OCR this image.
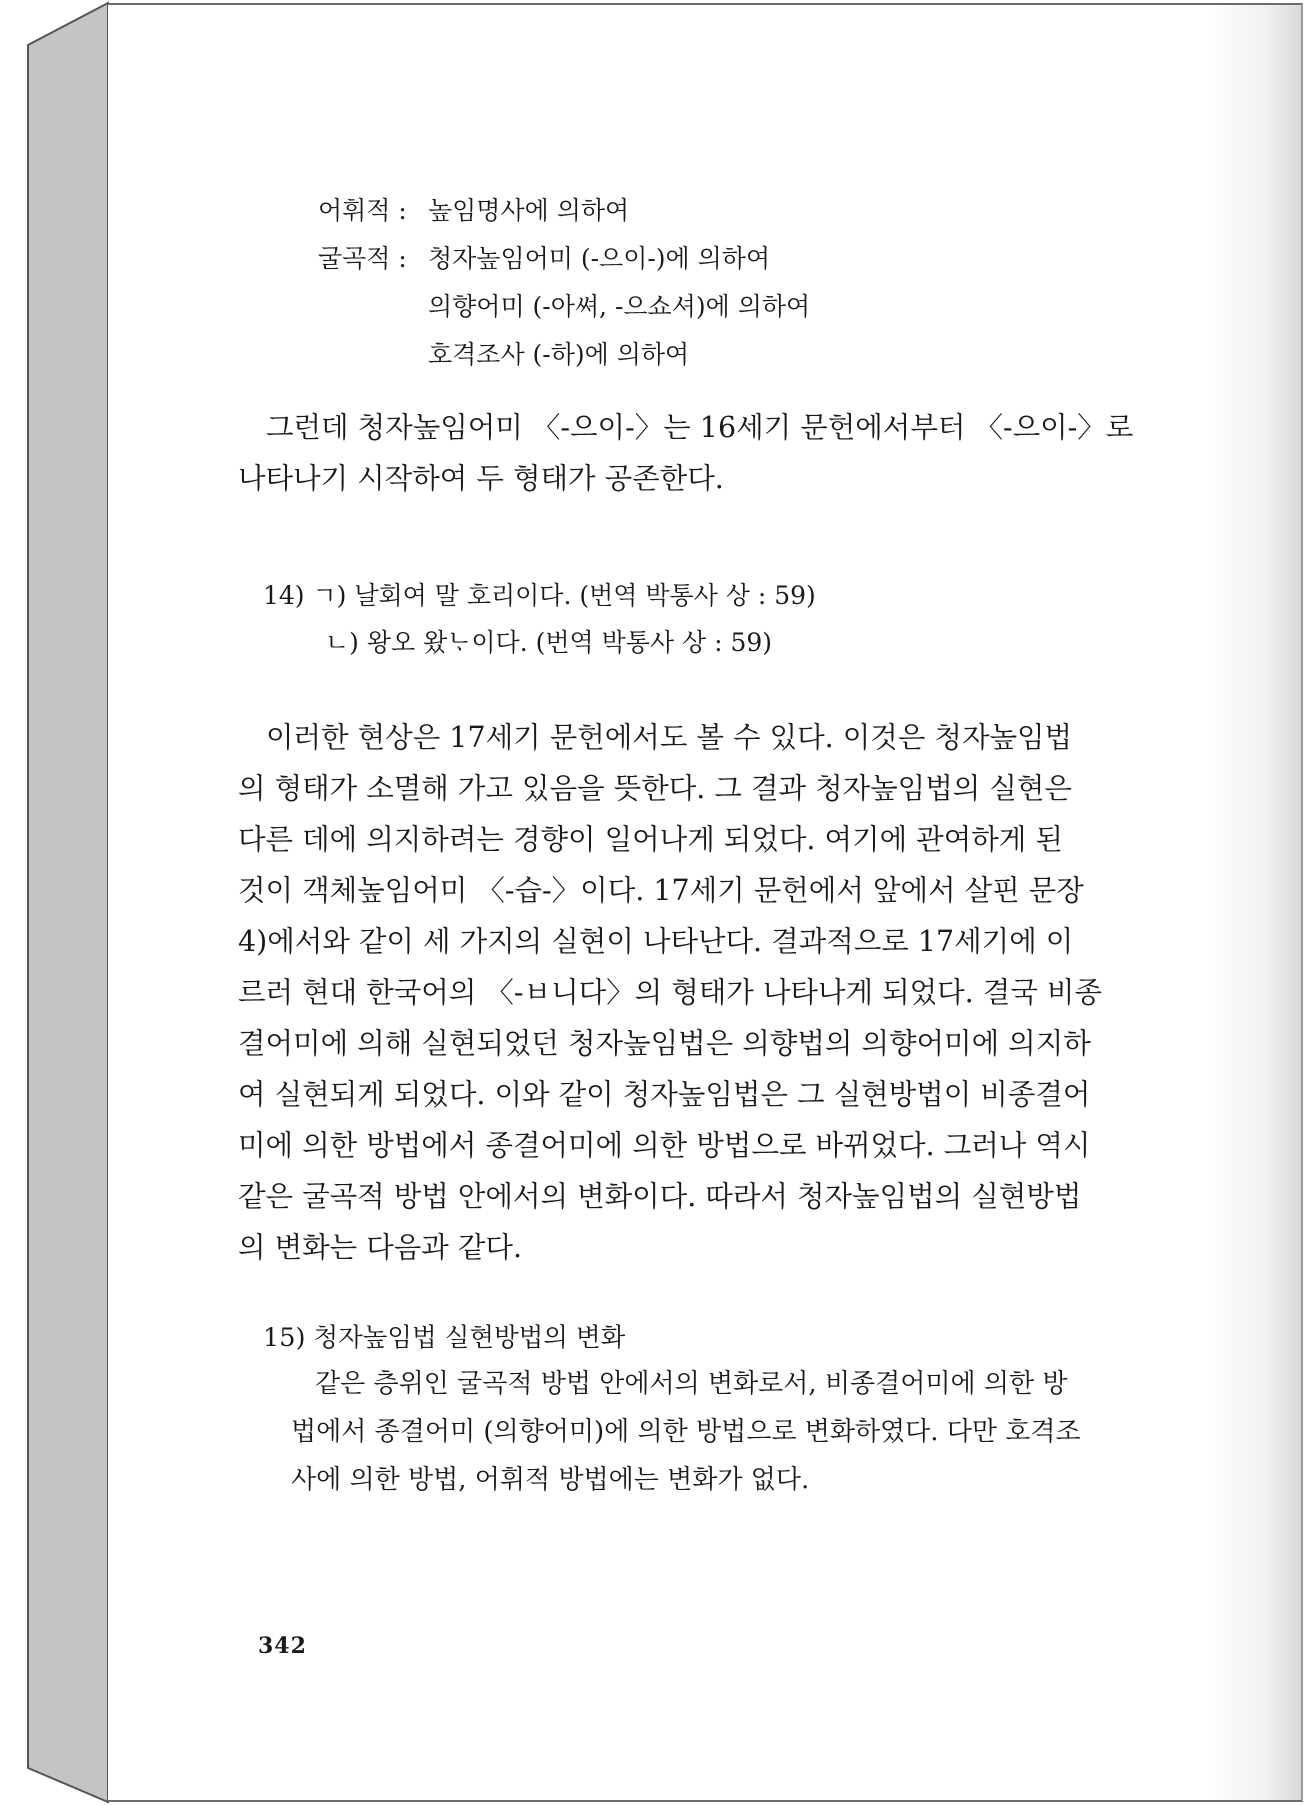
어휘적 : 높임명사에 의하여
굴곡적 : 청자높임어미 (-으이-)에 의하여
의향어미 (-아쎠, -으쇼셔)에 의하여
호격조사 (-하)에 의하여
그런데 청자높임어미 〈-으이-〉는 16세기 문헌에서부터 〈-으이-〉로
나타나기 시작하여 두 형태가 공존한다.
14) ㄱ) 날회여 말 호리이다. (번역 박통사 상 : 59)
ㄴ) 왕오 왔ᄂᆞ이다. (번역 박통사 상 : 59)
이러한 현상은 17세기 문헌에서도 볼 수 있다. 이것은 청자높임법
의 형태가 소멸해 가고 있음을 뜻한다. 그 결과 청자높임법의 실현은
다른 데에 의지하려는 경향이 일어나게 되었다. 여기에 관여하게 된
것이 객체높임어미 〈-습-〉이다. 17세기 문헌에서 앞에서 살핀 문장
4)에서와 같이 세 가지의 실현이 나타난다. 결과적으로 17세기에 이
르러 현대 한국어의 〈-ㅂ니다〉의 형태가 나타나게 되었다. 결국 비종
결어미에 의해 실현되었던 청자높임법은 의향법의 의향어미에 의지하
여 실현되게 되었다. 이와 같이 청자높임법은 그 실현방법이 비종결어
미에 의한 방법에서 종결어미에 의한 방법으로 바뀌었다. 그러나 역시
같은 굴곡적 방법 안에서의 변화이다. 따라서 청자높임법의 실현방법
의 변화는 다음과 같다.
15) 청자높임법 실현방법의 변화
같은 층위인 굴곡적 방법 안에서의 변화로서, 비종결어미에 의한 방
법에서 종결어미 (의향어미)에 의한 방법으로 변화하였다. 다만 호격조
사에 의한 방법, 어휘적 방법에는 변화가 없다.
342
